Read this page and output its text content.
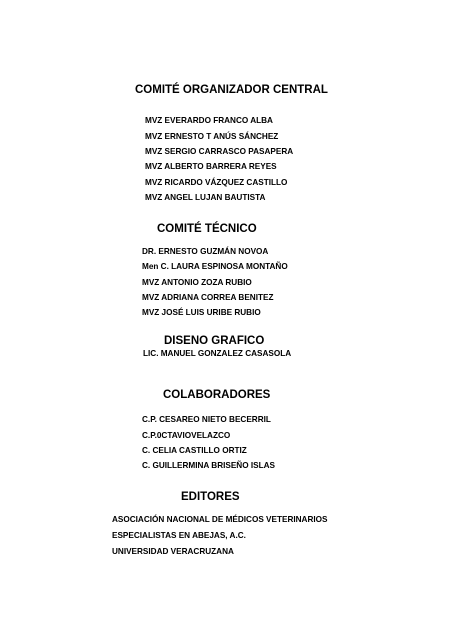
COMITÉ ORGANIZADOR CENTRAL
MVZ EVERARDO FRANCO ALBA
MVZ ERNESTO T ANÚS SÁNCHEZ
MVZ SERGIO CARRASCO PASAPERA
MVZ ALBERTO BARRERA REYES
MVZ RICARDO VÁZQUEZ CASTILLO
MVZ ANGEL LUJAN BAUTISTA
COMITÉ TÉCNICO
DR. ERNESTO GUZMÁN NOVOA
Men C. LAURA ESPINOSA MONTAÑO
MVZ ANTONIO ZOZA RUBIO
MVZ ADRIANA CORREA BENITEZ
MVZ JOSÉ LUIS URIBE RUBIO
DISENO GRAFICO
LIC. MANUEL GONZALEZ CASASOLA
COLABORADORES
C.P. CESAREO NIETO BECERRIL
C.P.0CTAVIOVELAZCO
C. CELIA CASTILLO ORTIZ
C. GUILLERMINA BRISEÑO ISLAS
EDITORES
ASOCIACIÓN NACIONAL DE MÉDICOS VETERINARIOS
ESPECIALISTAS EN ABEJAS, A.C.
UNIVERSIDAD VERACRUZANA
